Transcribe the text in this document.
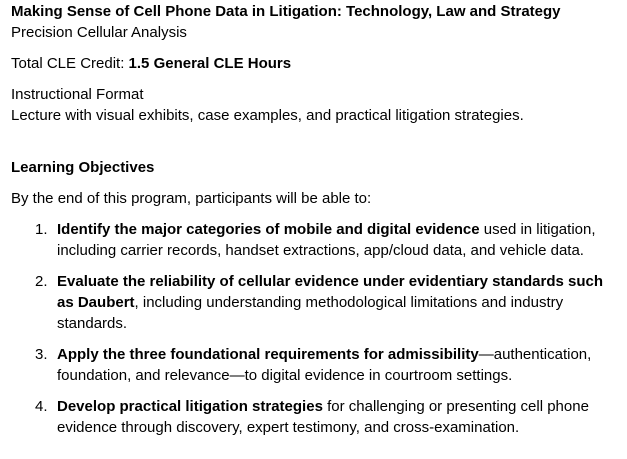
Making Sense of Cell Phone Data in Litigation: Technology, Law and Strategy

Precision Cellular Analysis

Total CLE Credit: 1.5 General CLE Hours

Instructional Format

Lecture with visual exhibits, case examples, and practical litigation strategies.

Learning Objectives

By the end of this program, participants will be able to:

1. Identify the major categories of mobile and digital evidence used in litigation, including carrier records, handset extractions, app/cloud data, and vehicle data.
2. Evaluate the reliability of cellular evidence under evidentiary standards such as Daubert, including understanding methodological limitations and industry standards.
3. Apply the three foundational requirements for admissibility—authentication, foundation, and relevance—to digital evidence in courtroom settings.
4. Develop practical litigation strategies for challenging or presenting cell phone evidence through discovery, expert testimony, and cross-examination.
